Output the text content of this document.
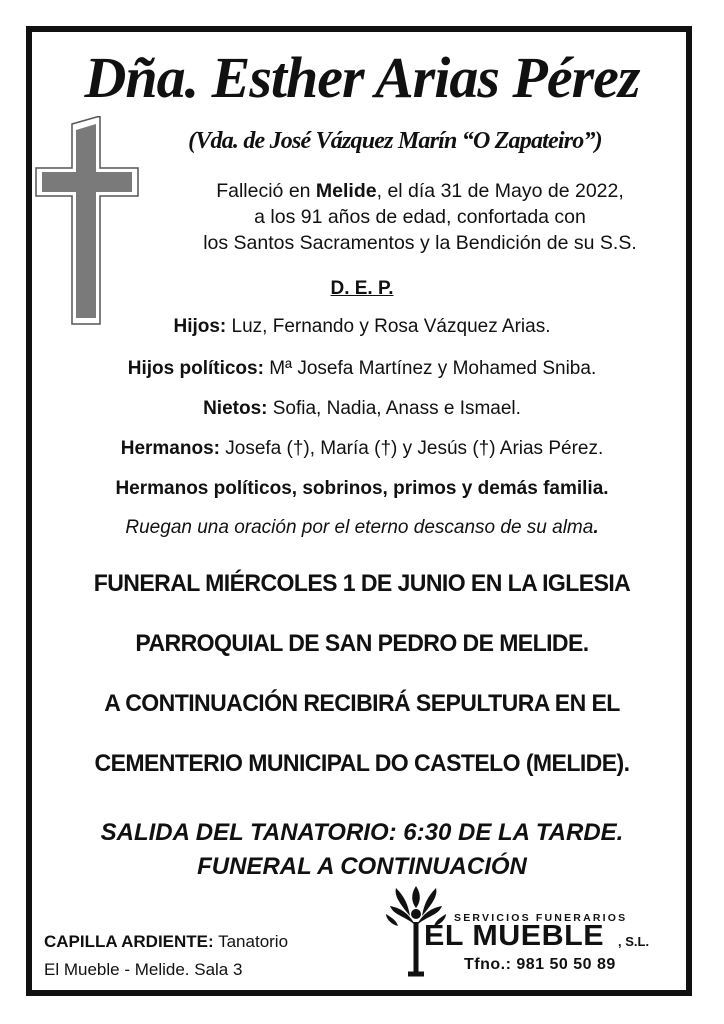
Dña. Esther Arias Pérez
(Vda. de José Vázquez Marín “O Zapateiro”)
Falleció en Melide, el día 31 de Mayo de 2022,
a los 91 años de edad, confortada con
los Santos Sacramentos y la Bendición de su S.S.
D. E. P.
Hijos: Luz, Fernando y Rosa Vázquez Arias.
Hijos políticos: Mª Josefa Martínez y Mohamed Sniba.
Nietos: Sofia, Nadia, Anass e Ismael.
Hermanos: Josefa (†), María (†) y Jesús (†) Arias Pérez.
Hermanos políticos, sobrinos, primos y demás familia.
Ruegan una oración por el eterno descanso de su alma.
FUNERAL MIÉRCOLES 1 DE JUNIO EN LA IGLESIA
PARROQUIAL DE SAN PEDRO DE MELIDE.
A CONTINUACIÓN RECIBIRÁ SEPULTURA EN EL
CEMENTERIO MUNICIPAL DO CASTELO (MELIDE).
SALIDA DEL TANATORIO: 6:30 DE LA TARDE.
FUNERAL A CONTINUACIÓN
CAPILLA ARDIENTE: Tanatorio
El Mueble - Melide. Sala 3
SERVICIOS FUNERARIOS
EL MUEBLE , S.L.
Tfno.: 981 50 50 89
